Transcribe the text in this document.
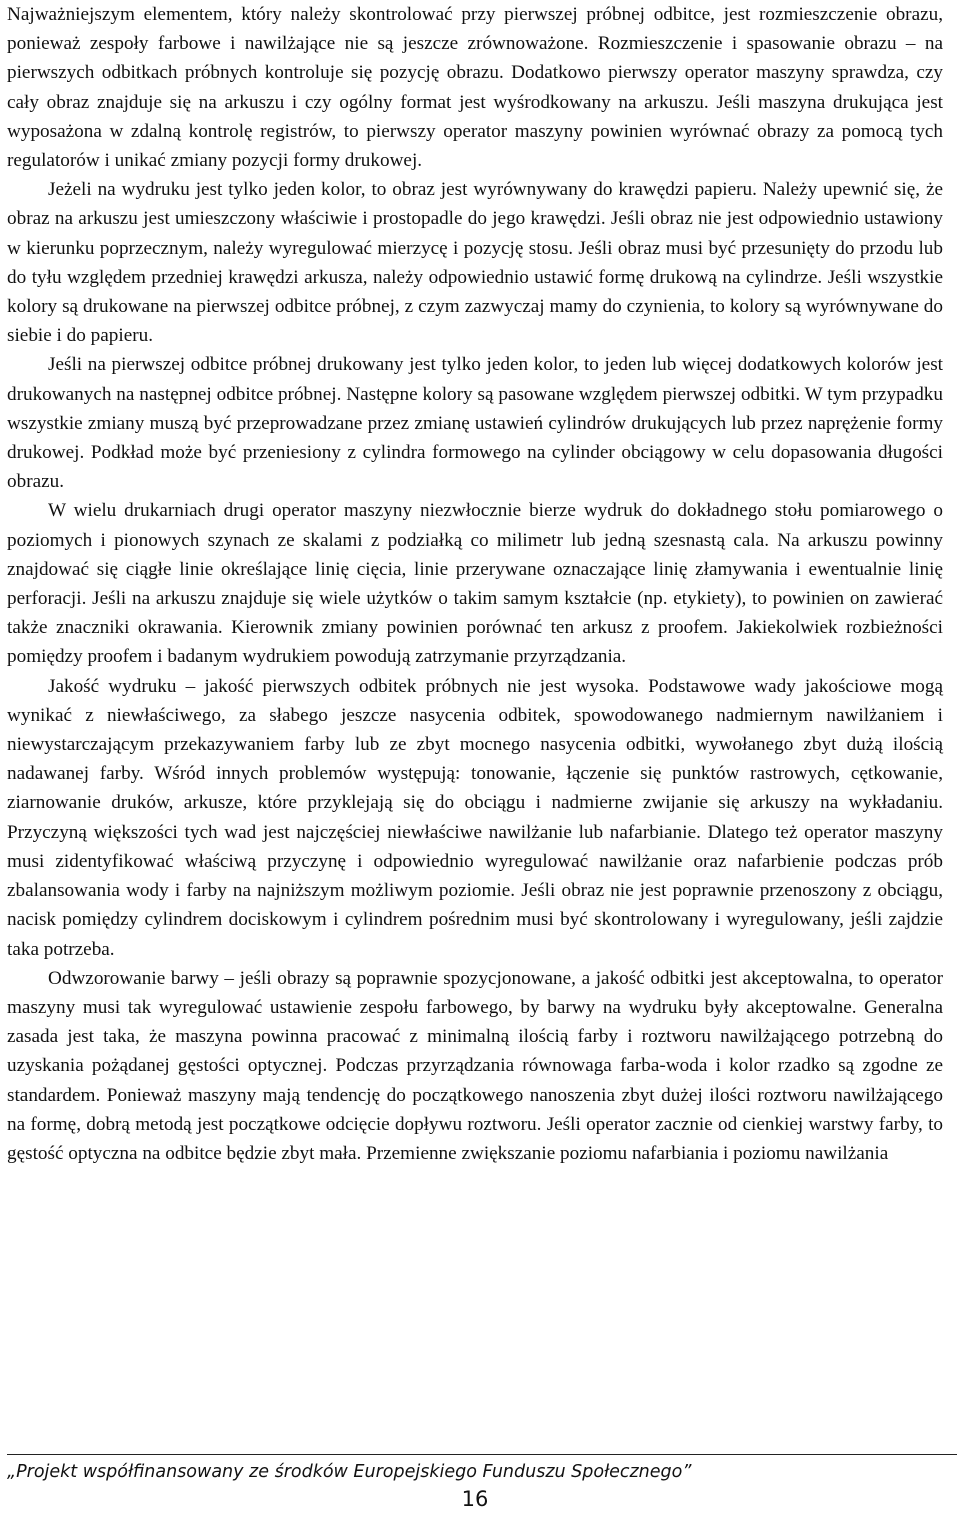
Najważniejszym elementem, który należy skontrolować przy pierwszej próbnej odbitce, jest rozmieszczenie obrazu, ponieważ zespoły farbowe i nawilżające nie są jeszcze zrównoważone. Rozmieszczenie i spasowanie obrazu – na pierwszych odbitkach próbnych kontroluje się pozycję obrazu. Dodatkowo pierwszy operator maszyny sprawdza, czy cały obraz znajduje się na arkuszu i czy ogólny format jest wyśrodkowany na arkuszu. Jeśli maszyna drukująca jest wyposażona w zdalną kontrolę registrów, to pierwszy operator maszyny powinien wyrównać obrazy za pomocą tych regulatorów i unikać zmiany pozycji formy drukowej.

Jeżeli na wydruku jest tylko jeden kolor, to obraz jest wyrównywany do krawędzi papieru. Należy upewnić się, że obraz na arkuszu jest umieszczony właściwie i prostopadle do jego krawędzi. Jeśli obraz nie jest odpowiednio ustawiony w kierunku poprzecznym, należy wyregulować mierzycę i pozycję stosu. Jeśli obraz musi być przesunięty do przodu lub do tyłu względem przedniej krawędzi arkusza, należy odpowiednio ustawić formę drukową na cylindrze. Jeśli wszystkie kolory są drukowane na pierwszej odbitce próbnej, z czym zazwyczaj mamy do czynienia, to kolory są wyrównywane do siebie i do papieru.

Jeśli na pierwszej odbitce próbnej drukowany jest tylko jeden kolor, to jeden lub więcej dodatkowych kolorów jest drukowanych na następnej odbitce próbnej. Następne kolory są pasowane względem pierwszej odbitki. W tym przypadku wszystkie zmiany muszą być przeprowadzane przez zmianę ustawień cylindrów drukujących lub przez naprężenie formy drukowej. Podkład może być przeniesiony z cylindra formowego na cylinder obciągowy w celu dopasowania długości obrazu.

W wielu drukarniach drugi operator maszyny niezwłocznie bierze wydruk do dokładnego stołu pomiarowego o poziomych i pionowych szynach ze skalami z podziałką co milimetr lub jedną szesnastą cala. Na arkuszu powinny znajdować się ciągłe linie określające linię cięcia, linie przerywane oznaczające linię złamywania i ewentualnie linię perforacji. Jeśli na arkuszu znajduje się wiele użytków o takim samym kształcie (np. etykiety), to powinien on zawierać także znaczniki okrawania. Kierownik zmiany powinien porównać ten arkusz z proofem. Jakiekolwiek rozbieżności pomiędzy proofem i badanym wydrukiem powodują zatrzymanie przyrządzania.

Jakość wydruku – jakość pierwszych odbitek próbnych nie jest wysoka. Podstawowe wady jakościowe mogą wynikać z niewłaściwego, za słabego jeszcze nasycenia odbitek, spowodowanego nadmiernym nawilżaniem i niewystarczającym przekazywaniem farby lub ze zbyt mocnego nasycenia odbitki, wywołanego zbyt dużą ilością nadawanej farby. Wśród innych problemów występują: tonowanie, łączenie się punktów rastrowych, cętkowanie, ziarnowanie druków, arkusze, które przyklejają się do obciągu i nadmierne zwijanie się arkuszy na wykładaniu. Przyczyną większości tych wad jest najczęściej niewłaściwe nawilżanie lub nafarbianie. Dlatego też operator maszyny musi zidentyfikować właściwą przyczynę i odpowiednio wyregulować nawilżanie oraz nafarbienie podczas prób zbalansowania wody i farby na najniższym możliwym poziomie. Jeśli obraz nie jest poprawnie przenoszony z obciągu, nacisk pomiędzy cylindrem dociskowym i cylindrem pośrednim musi być skontrolowany i wyregulowany, jeśli zajdzie taka potrzeba.

Odwzorowanie barwy – jeśli obrazy są poprawnie spozycjonowane, a jakość odbitki jest akceptowalna, to operator maszyny musi tak wyregulować ustawienie zespołu farbowego, by barwy na wydruku były akceptowalne. Generalna zasada jest taka, że maszyna powinna pracować z minimalną ilością farby i roztworu nawilżającego potrzebną do uzyskania pożądanej gęstości optycznej. Podczas przyrządzania równowaga farba-woda i kolor rzadko są zgodne ze standardem. Ponieważ maszyny mają tendencję do początkowego nanoszenia zbyt dużej ilości roztworu nawilżającego na formę, dobrą metodą jest początkowe odcięcie dopływu roztworu. Jeśli operator zacznie od cienkiej warstwy farby, to gęstość optyczna na odbitce będzie zbyt mała. Przemienne zwiększanie poziomu nafarbiania i poziomu nawilżania

„Projekt współfinansowany ze środków Europejskiego Funduszu Społecznego”

16
